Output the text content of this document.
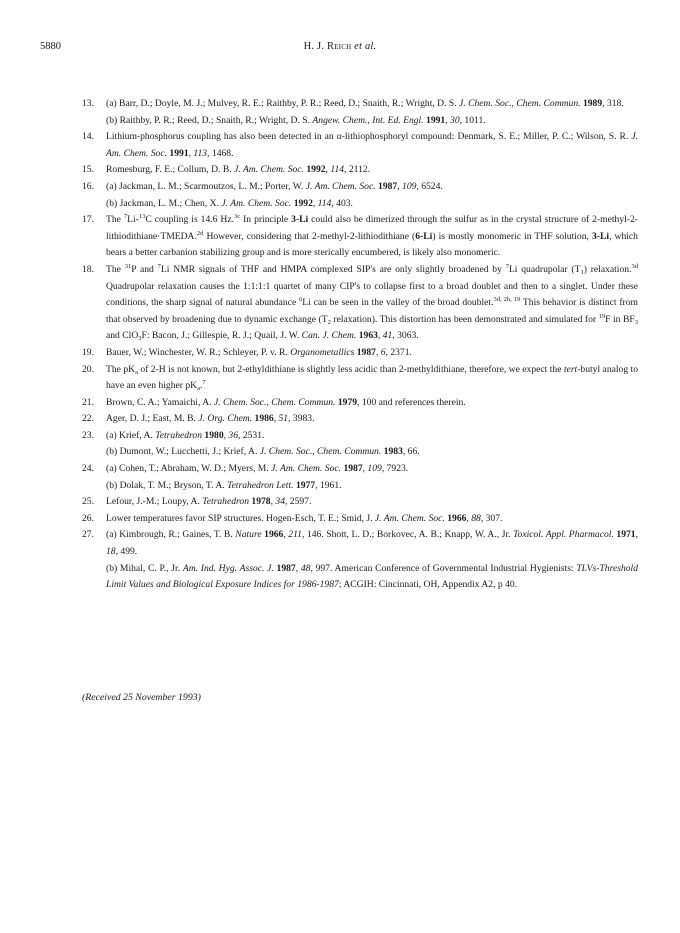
5880	H. J. Reich et al.
13.	(a) Barr, D.; Doyle, M. J.; Mulvey, R. E.; Raithby, P. R.; Reed, D.; Snaith, R.; Wright, D. S. J. Chem. Soc., Chem. Commun. 1989, 318.
(b) Raithby, P. R.; Reed, D.; Snaith, R.; Wright, D. S. Angew. Chem., Int. Ed. Engl. 1991, 30, 1011.
14.	Lithium-phosphorus coupling has also been detected in an α-lithiophosphoryl compound: Denmark, S. E.; Miller, P. C.; Wilson, S. R. J. Am. Chem. Soc. 1991, 113, 1468.
15.	Romesburg, F. E.; Collum, D. B. J. Am. Chem. Soc. 1992, 114, 2112.
16.	(a) Jackman, L. M.; Scarmoutzos, L. M.; Porter, W. J. Am. Chem. Soc. 1987, 109, 6524.
(b) Jackman, L. M.; Chen, X. J. Am. Chem. Soc. 1992, 114, 403.
17.	The $^7$Li-$^{13}$C coupling is 14.6 Hz.$^{3c}$ In principle 3-Li could also be dimerized through the sulfur as in the crystal structure of 2-methyl-2-lithiodithiane·TMEDA.$^{2d}$ However, considering that 2-methyl-2-lithiodithiane (6-Li) is mostly monomeric in THF solution, 3-Li, which bears a better carbanion stabilizing group and is more sterically encumbered, is likely also monomeric.
18.	The $^{31}$P and $^7$Li NMR signals of THF and HMPA complexed SIP's are only slightly broadened by $^7$Li quadrupolar $(T_1)$ relaxation.$^{3d}$ Quadrupolar relaxation causes the 1:1:1:1 quartet of many CIP's to collapse first to a broad doublet and then to a singlet. Under these conditions, the sharp signal of natural abundance $^6$Li can be seen in the valley of the broad doublet.$^{3d, 2h, 19}$ This behavior is distinct from that observed by broadening due to dynamic exchange ($T_2$ relaxation). This distortion has been demonstrated and simulated for $^{19}$F in $BF_3$ and ClO$_3$F: Bacon, J.; Gillespie, R. J.; Quail, J. W. Can. J. Chem. 1963, 41, 3063.
19.	Bauer, W.; Winchester, W. R.; Schleyer, P. v. R. Organometallics 1987, 6, 2371.
20.	The $pK_a$ of 2-H is not known, but 2-ethyldithiane is slightly less acidic than 2-methyldithiane, therefore, we expect the tert-butyl analog to have an even higher $pK_a.^7$
21.	Brown, C. A.; Yamaichi, A. J. Chem. Soc., Chem. Commun. 1979, 100 and references therein.
22.	Ager, D. J.; East, M. B. J. Org. Chem. 1986, 51, 3983.
23.	(a) Krief, A. Tetrahedron 1980, 36, 2531.
(b) Dumont, W.; Lucchetti, J.; Krief, A. J. Chem. Soc., Chem. Commun. 1983, 66.
24.	(a) Cohen, T.; Abraham, W. D.; Myers, M. J. Am. Chem. Soc. 1987, 109, 7923.
(b) Dolak, T. M.; Bryson, T. A. Tetrahedron Lett. 1977, 1961.
25.	Lefour, J.-M.; Loupy, A. Tetrahedron 1978, 34, 2597.
26.	Lower temperatures favor SIP structures. Hogen-Esch, T. E.; Smid, J. J. Am. Chem. Soc. 1966, 88, 307.
27.	(a) Kimbrough, R.; Gaines, T. B. Nature 1966, 211, 146. Shott, L. D.; Borkovec, A. B.; Knapp, W. A., Jr. Toxicol. Appl. Pharmacol. 1971, 18, 499.
(b) Mihal, C. P., Jr. Am. Ind. Hyg. Assoc. J. 1987, 48, 997. American Conference of Governmental Industrial Hygienists: TLVs-Threshold Limit Values and Biological Exposure Indices for 1986-1987; ACGIH: Cincinnati, OH, Appendix A2, p 40.
(Received 25 November 1993)
